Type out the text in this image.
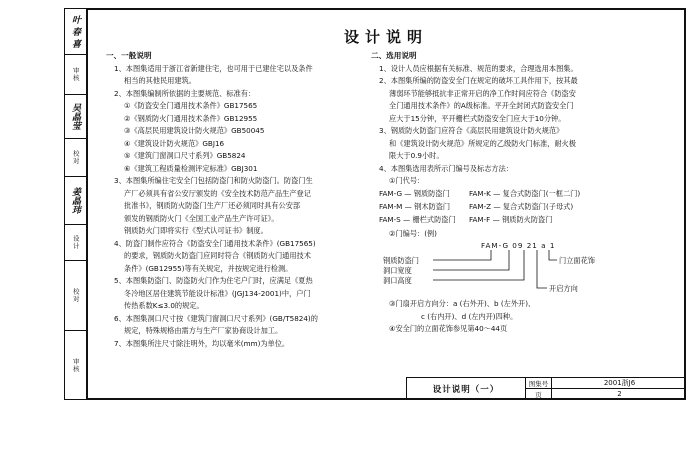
叶 春 喜
审核
吴晶莹
校对
姜晶玮
设计
校对
审核
设计说明
一、一般说明

1、本图集适用于浙江省新建住宅，也可用于已建住宅以及条件

相当的其他民用建筑。

2、本图集编制所依据的主要规范、标准有：

①《防盗安全门通用技术条件》GB17565

②《钢质防火门通用技术条件》GB12955

③《高层民用建筑设计防火规范》GB50045

④《建筑设计防火规范》GBJ16

⑤《建筑门窗洞口尺寸系列》GB5824

⑥《建筑工程质量检测评定标准》GBJ301

3、本图集所编住宅安全门包括防盗门和防火防盗门。防盗门生

产厂必须具有省公安厅颁发的《安全技术防范产品生产登记

批准书》，钢质防火防盗门生产厂还必须同时具有公安部

颁发的钢质防火门《全国工业产品生产许可证》。

钢质防火门即将实行《型式认可证书》制度。

4、防盗门制作应符合《防盗安全门通用技术条件》(GB17565)

的要求，钢质防火防盗门应同时符合《钢质防火门通用技术

条件》(GB12955)等有关规定，并按规定进行检测。

5、本图集防盗门、防盗防火门作为住宅户门时，应满足《夏热

冬冷地区居住建筑节能设计标准》(JGJ134-2001)中，户门

传热系数K≤3.0的规定。

6、本图集洞口尺寸按《建筑门窗洞口尺寸系列》(GB/T5824)的

规定，特殊规格由需方与生产厂家协商设计加工。

7、本图集所注尺寸除注明外，均以毫米(mm)为单位。

二、选用说明

1、设计人员应根据有关标准、规范的要求，合理选用本图集。

2、本图集所编的防盗安全门在规定的破坏工具作用下，按其最

薄弱环节能够抵抗非正常开启的净工作时间应符合《防盗安

全门通用技术条件》的A级标准。平开全封闭式防盗安全门

应大于15分钟，平开栅栏式防盗安全门应大于10分钟。

3、钢质防火防盗门应符合《高层民用建筑设计防火规范》

和《建筑设计防火规范》所规定的乙级防火门标准，耐火极

限大于0.9小时。

4、本图集选用表所示门编号及标志方法：

①门代号：

FAM-G — 钢质防盗门	FAM-K — 复合式防盗门(一框二门)
FAM-M — 钢木防盗门	FAM-Z — 复合式防盗门(子母式)
FAM-S — 栅栏式防盗门 FAM-F — 钢质防火防盗门

②门编号：(例)

FAM-G 09 21 a 1
钢质防盗门
洞口宽度
洞口高度
门立面花饰
开启方向

③门扇开启方向分：a (右外开)、b (左外开)、

c (右内开)、d (左内开)四种。

④安全门的立面花饰参见第40～44页

设计说明（一）
图集号	2001浙J6
页	2
